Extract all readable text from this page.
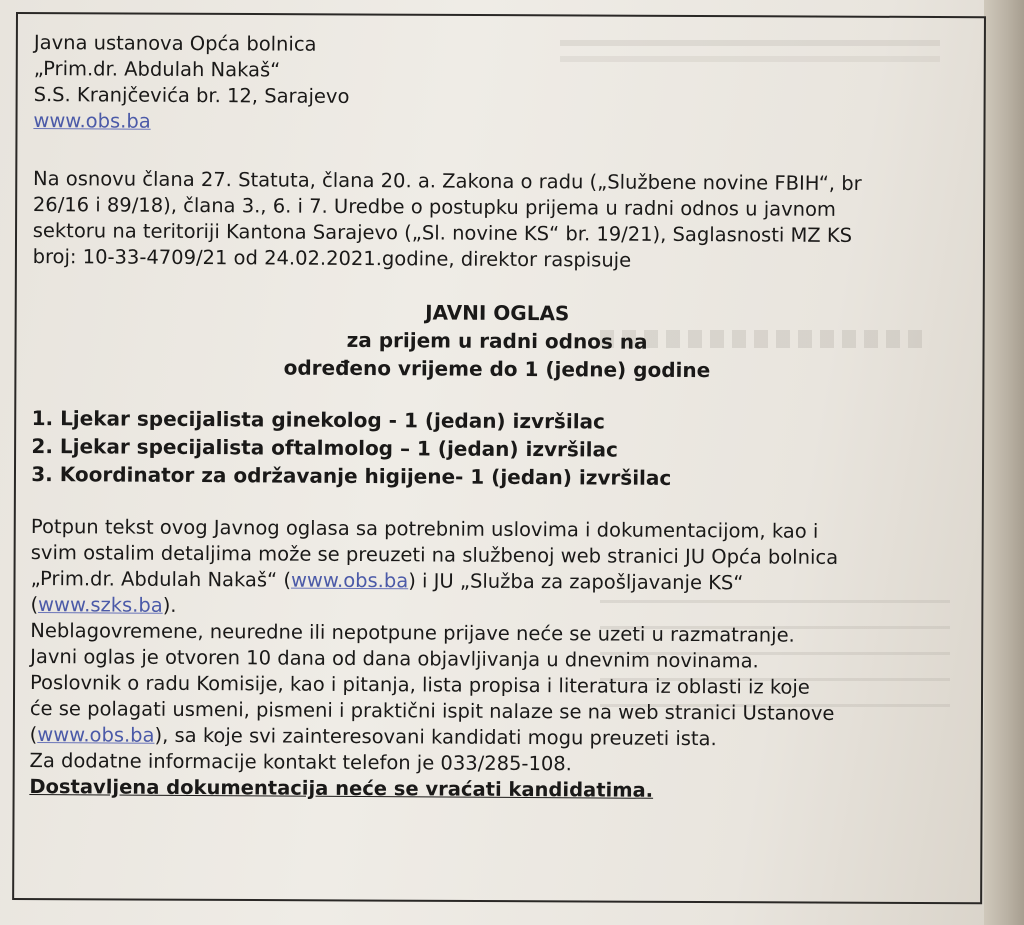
Javna ustanova Opća bolnica
„Prim.dr. Abdulah Nakaš“
S.S. Kranjčevića br. 12, Sarajevo
www.obs.ba
Na osnovu člana 27. Statuta, člana 20. a. Zakona o radu („Službene novine FBIH“, br
26/16 i 89/18), člana 3., 6. i 7. Uredbe o postupku prijema u radni odnos u javnom
sektoru na teritoriji Kantona Sarajevo („Sl. novine KS“ br. 19/21), Saglasnosti MZ KS
broj: 10-33-4709/21 od 24.02.2021.godine, direktor raspisuje
JAVNI OGLAS
za prijem u radni odnos na
određeno vrijeme do 1 (jedne) godine
1. Ljekar specijalista ginekolog - 1 (jedan) izvršilac
2. Ljekar specijalista oftalmolog – 1 (jedan) izvršilac
3. Koordinator za održavanje higijene- 1 (jedan) izvršilac
Potpun tekst ovog Javnog oglasa sa potrebnim uslovima i dokumentacijom, kao i
svim ostalim detaljima može se preuzeti na službenoj web stranici JU Opća bolnica
„Prim.dr. Abdulah Nakaš“ (www.obs.ba) i JU „Služba za zapošljavanje KS“
(www.szks.ba).
Neblagovremene, neuredne ili nepotpune prijave neće se uzeti u razmatranje.
Javni oglas je otvoren 10 dana od dana objavljivanja u dnevnim novinama.
Poslovnik o radu Komisije, kao i pitanja, lista propisa i literatura iz oblasti iz koje
će se polagati usmeni, pismeni i praktični ispit nalaze se na web stranici Ustanove
(www.obs.ba), sa koje svi zainteresovani kandidati mogu preuzeti ista.
Za dodatne informacije kontakt telefon je 033/285-108.
Dostavljena dokumentacija neće se vraćati kandidatima.
